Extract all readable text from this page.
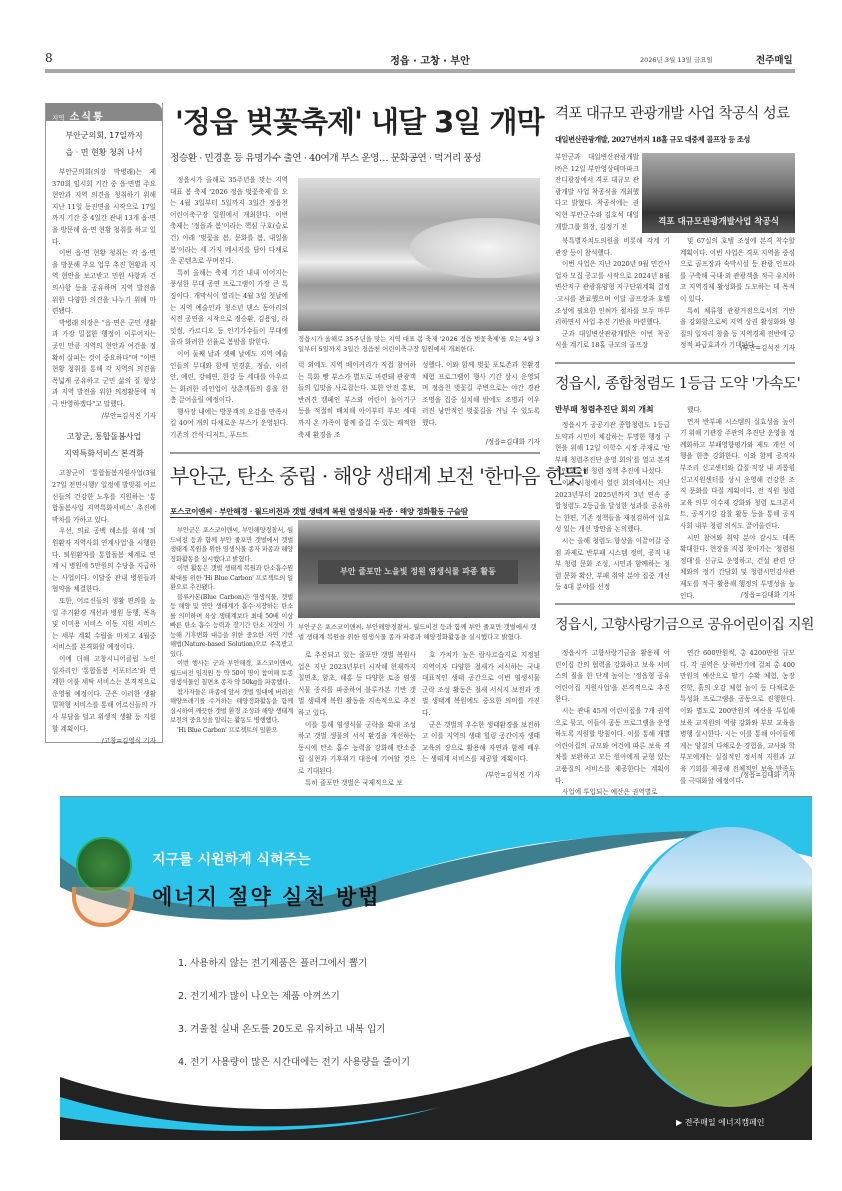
8	정읍 · 고창 · 부안	2026년 3월 13일 금요일	전주매일
지역 소식통
부안군의회, 17일까지
읍 · 면 현황 청취 나서

부안군의회(의장 박병래)는 제370회 임시회 기간 중 읍·면별 주요 현안과 지역 의견을 청취하기 위해 지난 11일 동진면을 시작으로 17일까지 기간 중 4일간 관내 13개 읍·면을 방문해 읍·면 현황 청취를 하고 있다.

이번 읍·면 현황 청취는 각 읍·면을 방문해 주요 업무 추진 현황과 지역 현안을 보고받고 민원 사항과 건의사항 등을 공유하며 지역 발전을 위한 다양한 의견을 나누기 위해 마련됐다.

박병래 의장은 "읍·면은 군민 생활과 가장 밀접한 행정이 이루어지는 곳인 만큼 지역의 현안과 여건을 정확히 살피는 것이 중요하다"며 "이번 현황 청취를 통해 각 지역의 의견을 폭넓게 공유하고 군민 삶의 질 향상과 지역 발전을 위한 의정활동에 적극 반영하겠다"고 말했다.

/부안=김석진 기자
고창군, 통합돌봄사업
지역특화서비스 본격화

고창군이 '통합돌봄지원사업(3월 27일 전면시행)' 일정에 발맞춰 어르신들의 건강한 노후를 지원하는 '통합돌봄사업 지역특화서비스' 추진에 박차를 가하고 있다.

우선, 의료 공백 해소를 위해 '퇴원환자 지역사회 연계사업'을 시행한다. 퇴원환자를 통합돌봄 체계로 연계 시 병원에 5만원의 수당을 지급하는 사업이다. 이달중 관내 병원들과 협약을 체결한다.

또한, 어르신들의 생활 편의를 높일 주거환경 개선과 병원 동행, 목욕 및 이미용 서비스 이동 지원 서비스는 세부 계획 수립을 마치고 4월중 서비스를 본격화할 예정이다.

이에 더해 고창시니어클럽 노인 일자리인 '통합돌봄 서포터즈'와 연계한 이불 세탁 서비스는 본격적으로 운영될 예정이다. 군은 이러한 생활 밀착형 서비스를 통해 어르신들의 가사 부담을 덜고 위생적 생활 등 지원할 계획이다.

/고창=김영식 기자
'정읍 벚꽃축제' 내달 3일 개막
정승환 · 민경훈 등 유명가수 출연 · 40여개 부스 운영… 문화공연 · 먹거리 풍성

정읍시가 올해로 35주년을 맞는 지역 대표 봄 축제 '2026 정읍 벚꽃축제'를 오는 4월 3일부터 5일까지 3일간 정읍천 어린이축구장 일원에서 개최한다. 이번 축제는 '정읍과 봄'이라는 핵심 구호(슬로건) 아래 '벚꽃을 봄, 문화를 봄, 내일을 봄'이라는 세 가지 메시지를 담아 다채로운 콘텐츠로 꾸며진다.

특히 올해는 축제 기간 내내 이어지는 풍성한 무대 공연 프로그램이 가장 큰 특징이다. 개막식이 열리는 4월 3일 첫날에는 지역 예술인과 청소년 댄스 동아리의 식전 공연을 시작으로 정승환, 김용임, 라잇썸, 카르디오 등 인기가수들이 무대에 올라 화려한 선율로 봄밤을 밝힌다.

이어 둘째 날과 셋째 날에도 지역 예술인들의 무대와 함께 민경훈, 정슬, 이리안, 예린, 강혜연, 한강 등 세대를 아우르는 화려한 라인업이 상춘객들의 흥을 한층 끌어올릴 예정이다.

행사장 내에는 방문객의 오감을 만족시킬 40여 개의 다채로운 부스가 운영된다. 기존의 간식·디저트, 푸드트

정읍시가 올해로 35주년을 맞는 지역 대표 봄 축제 '2026 정읍 벚꽃축제'를 오는 4월 3일부터 5일까지 3일간 정읍천 어린이축구장 일원에서 개최한다.
럭 외에도 지역 베이커리가 직접 참여하는 특화 빵 부스가 별도로 마련돼 관광객들의 입맛을 사로잡는다. 또한 안전 홍보, 반려견 캠페인 부스와 어린이 놀이기구 등을 적절히 배치해 아이부터 부모 세대까지 온 가족이 함께 즐길 수 있는 쾌적한 축제 환경을 조
성했다. 이와 함께 벚꽃 포토존과 친환경 체험 프로그램이 행사 기간 상시 운영되며 정읍천 벚꽃길 주변으로는 야간 경관 조명을 집중 설치해 밤에도 조명과 어우러진 낭만적인 벚꽃길을 거닐 수 있도록 했다.
/정읍=김대화 기자
부안군, 탄소 중립 · 해양 생태계 보전 '한마음 한뜻'
포스코이앤씨 · 부안해경 · 월드비전과 갯벌 생태계 복원 염생식물 파종 · 해양 정화활동 구슬땀

부안군은 포스코이앤씨, 부안해양경찰서, 월드비전 등과 함께 부안 줄포만 갯벌에서 갯벌 생태계 복원을 위한 염생식물 종자 파종과 해양정화활동을 실시했다고 밝혔다.

이번 활동은 갯벌 생태계 복원과 탄소흡수원 확대를 위한 'Hi Blue Carbon' 프로젝트의 일환으로 추진됐다.

블루카본(Blue Carbon)은 염생식물, 갯벌 등 해양 및 연안 생태계가 흡수·저장하는 탄소를 의미하며 육상 생태계보다 최대 50배 이상 빠른 탄소 흡수 능력과 장기간 탄소 저장이 가능해 기후변화 대응을 위한 중요한 자연 기반 해법(Nature-based Solution)으로 주목받고 있다.

이번 행사는 군과 부안해경, 포스코이앤씨, 월드비전 임직원 등 약 50여 명이 참여해 토종 염생식물인 칠면초 종자 약 50kg을 파종했다.

참가자들은 파종에 앞서 갯벌 일대에 버려진 해양쓰레기를 수거하는 해양정화활동을 함께 실시하여 깨끗한 갯벌 환경 조성과 해양 생태계 보전의 중요성을 알리는 활동도 병행했다.

'Hi Blue Carbon' 프로젝트의 일환으

부안 줄포만 노을빛 정원 염생식물 파종 활동
부안군은 포스코이앤씨, 부안해양경찰서, 월드비전 등과 함께 부안 줄포만 갯벌에서 갯벌 생태계 복원을 위한 염생식물 종자 파종과 해양정화활동을 실시했다고 밝혔다.

로 추진되고 있는 줄포만 갯벌 복원사업은 지난 2023년부터 시작해 현재까지 칠면초, 함초, 해홍 등 다양한 토종 염생식물 종자를 파종하여 블루카본 기반 갯벌 생태계 복원 활동을 지속적으로 추진하고 있다.

이를 통해 염생식물 군락을 확대 조성하고 갯벌 생물의 서식 환경을 개선하는 동시에 탄소 흡수 능력을 강화해 탄소중립 실현과 기후위기 대응에 기여할 것으로 기대된다.

특히 줄포만 갯벌은 국제적으로 보

호 가치가 높은 람사르습지로 지정된 지역이자 다양한 철새가 서식하는 국내 대표적인 생태 공간으로 이번 염생식물 군락 조성 활동은 철새 서식지 보전과 갯벌 생태계 복원에도 중요한 의미를 가진다.

군은 갯벌의 우수한 생태환경을 보전하고 이를 지역의 생태 힐링 공간이자 생태교육의 장으로 활용해 자연과 함께 배우는 생태계 서비스를 제공할 계획이다.

/부안=김석진 기자
격포 대규모 관광개발 사업 착공식 성료
대일변산관광개발, 2027년까지 18홀 규모 대중제 골프장 등 조성
부안군과 대일변산관광개발㈜은 12일 부안영상테마파크 잔디광장에서 격포 대규모 관광개발 사업 착공식을 개최했다고 밝혔다. 착공식에는 권익현 부안군수와 김호석 대일개발그룹 회장, 김정기 전	격포 대규모관광개발사업 착공식

북특별자치도의원을 비롯해 각계 기관장 등이 참석했다.

이번 사업은 지난 2020년 9월 민간사업자 모집 공고를 시작으로 2024년 8월 변산지구 관광휴양형 지구단위계획 결정·고시를 완료했으며 이달 골프장과 호텔 조성에 필요한 인허가 절차를 모두 마무리하면서 사업 추진 기반을 마련했다.

군과 대일변산관광개발은 이번 착공식을 계기로 18홀 규모의 골프장

및 67실의 호텔 조성에 본격 착수할 계획이다. 이번 사업은 격포 지역을 중심으로 골프장과 숙박시설 등 관광 인프라를 구축해 국내·외 관광객을 적극 유치하고 지역경제 활성화를 도모하는 데 목적이 있다.

특히 체류형 관광거점으로서의 기반을 강화함으로써 지역 상권 활성화와 양질의 일자리 창출 등 지역경제 전반에 긍정적 파급효과가 기대된다.

/부안=김석진 기자
정읍시, 종합청렴도 1등급 도약 '가속도'
반부패 청렴추진단 회의 개최

정읍시가 공공기관 종합청렴도 1등급 도약과 시민이 체감하는 투명한 행정 구현을 위해 12일 이학수 시장 주재로 '반부패 청렴추진단 운영 회의'를 열고 본격적인 맞춤형 청렴 정책 추진에 나섰다.

이날 시청에서 열린 회의에서는 지난 2023년부터 2025년까지 3년 연속 종합청렴도 2등급을 달성한 성과를 공유하는 한편, 기존 정책들을 재점검하여 실효성 있는 개선 방안을 논의했다.

시는 올해 청렴도 향상을 이끌어갈 중점 과제로 반부패 시스템 정비, 공직 내부 청렴 문화 조성, 시민과 함께하는 청렴 문화 확산, 부패 취약 분야 집중 개선 등 4대 분야를 선정

했다.

먼저 반부패 시스템의 실효성을 높이기 위해 기관장 주관의 추진단 운영을 정례화하고 부패영향평가와 제도 개선 이행을 한층 강화한다. 이와 함께 공직자 부조리 신고센터와 갑질·직장 내 괴롭힘 신고지원센터를 상시 운영해 건강한 조직 문화를 다질 계획이다. 전 직원 청렴 교육 의무 이수제 강화와 청렴 토크콘서트, 공직기강 감찰 활동 등을 통해 공직사회 내부 청렴 의식도 끌어올린다.

시민 참여와 취약 분야 감시도 대폭 확대한다. 현장을 직접 찾아가는 '청렴원정대'를 신규로 운영하고, 건설 관련 단체와의 정기 간담회 및 청렴시민감사관 제도를 적극 활용해 행정의 투명성을 높인다.	/정읍=김대화 기자
정읍시, 고향사랑기금으로 공유어린이집 지원

정읍시가 고향사랑기금을 활용해 어린이집 간의 협력을 강화하고 보육 서비스의 질을 한 단계 높이는 '정읍형 공유어린이집 지원사업'을 본격적으로 추진한다.

시는 관내 45개 어린이집을 7개 권역으로 묶고, 이들이 공동 프로그램을 운영하도록 지원할 방침이다. 이를 통해 개별 어린이집의 규모와 여건에 따른 보육 격차를 보완하고 모든 원아에게 균형 있는 고품질의 서비스를 제공한다는 계획이다.

사업에 투입되는 예산은 권역별로

연간 600만원씩, 총 4200만원 규모다. 각 권역은 상·하반기에 걸쳐 총 400만원의 예산으로 딸기 수확 체험, 농장 견학, 흙의 오감 체험 놀이 등 다채로운 특성화 프로그램을 공동으로 진행한다. 이와 별도로 200만원의 예산을 투입해 보육 교직원의 역량 강화와 부모 교육을 병행 실시한다. 시는 이를 통해 아이들에게는 양질의 다채로운 경험을, 교사와 학부모에게는 실질적인 정서적 지원과 교육 기회를 제공해 전체적인 보육 만족도를 극대화할 예정이다.

/정읍=김대화 기자
지구를 시원하게 식혀주는
에너지 절약 실천 방법
1. 사용하지 않는 전기제품은 플러그에서 뽑기
2. 전기세가 많이 나오는 제품 아껴쓰기
3. 겨울철 실내 온도를 20도로 유지하고 내복 입기
4. 전기 사용량이 많은 시간대에는 전기 사용량을 줄이기
▶ 전주매일 에너지캠페인
